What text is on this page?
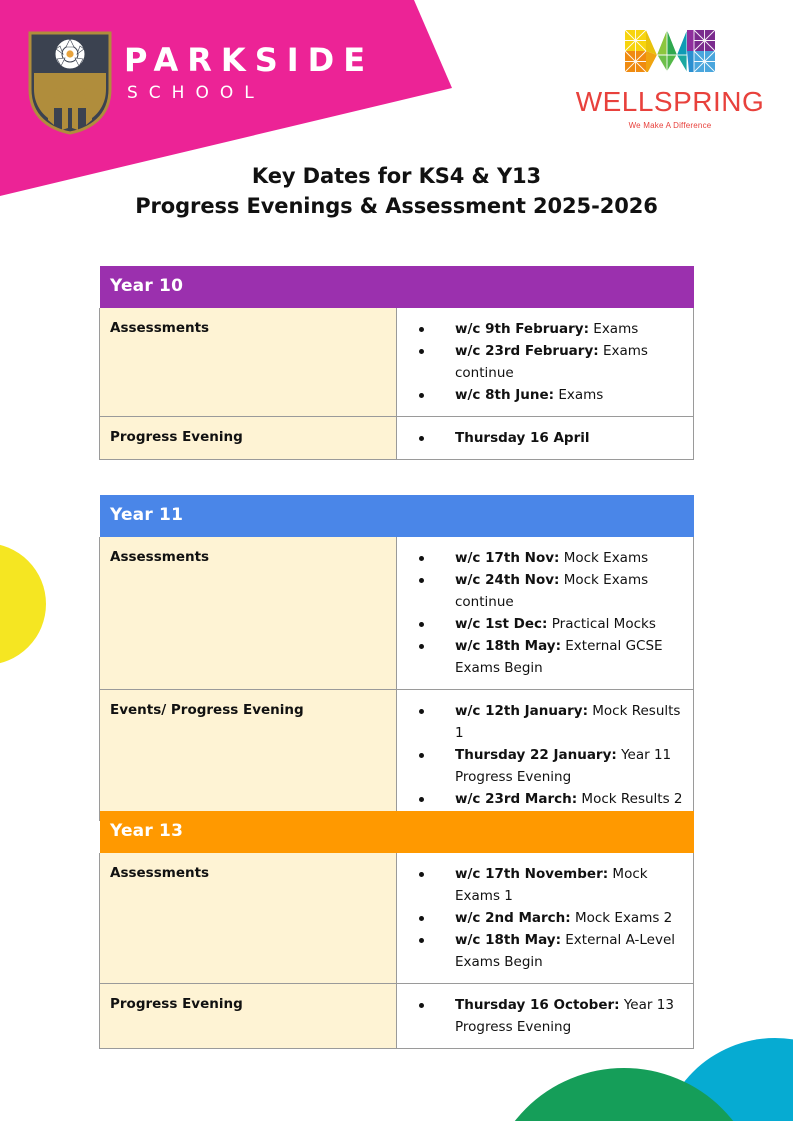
PARKSIDE
SCHOOL	WELLSPRING
We Make A Difference
Key Dates for KS4 & Y13
Progress Evenings & Assessment 2025-2026
Year 10	
Assessments	w/c 9th February: Exams
w/c 23rd February: Exams continue
w/c 8th June: Exams

Progress Evening	Thursday 16 April
Year 11	
Assessments	w/c 17th Nov: Mock Exams
w/c 24th Nov: Mock Exams continue
w/c 1st Dec: Practical Mocks
w/c 18th May: External GCSE Exams Begin

Events/ Progress Evening	w/c 12th January: Mock Results 1
Thursday 22 January: Year 11 Progress Evening
w/c 23rd March: Mock Results 2
Year 13	
Assessments	w/c 17th November: Mock Exams 1
w/c 2nd March: Mock Exams 2
w/c 18th May: External A-Level Exams Begin

Progress Evening	Thursday 16 October: Year 13 Progress Evening
